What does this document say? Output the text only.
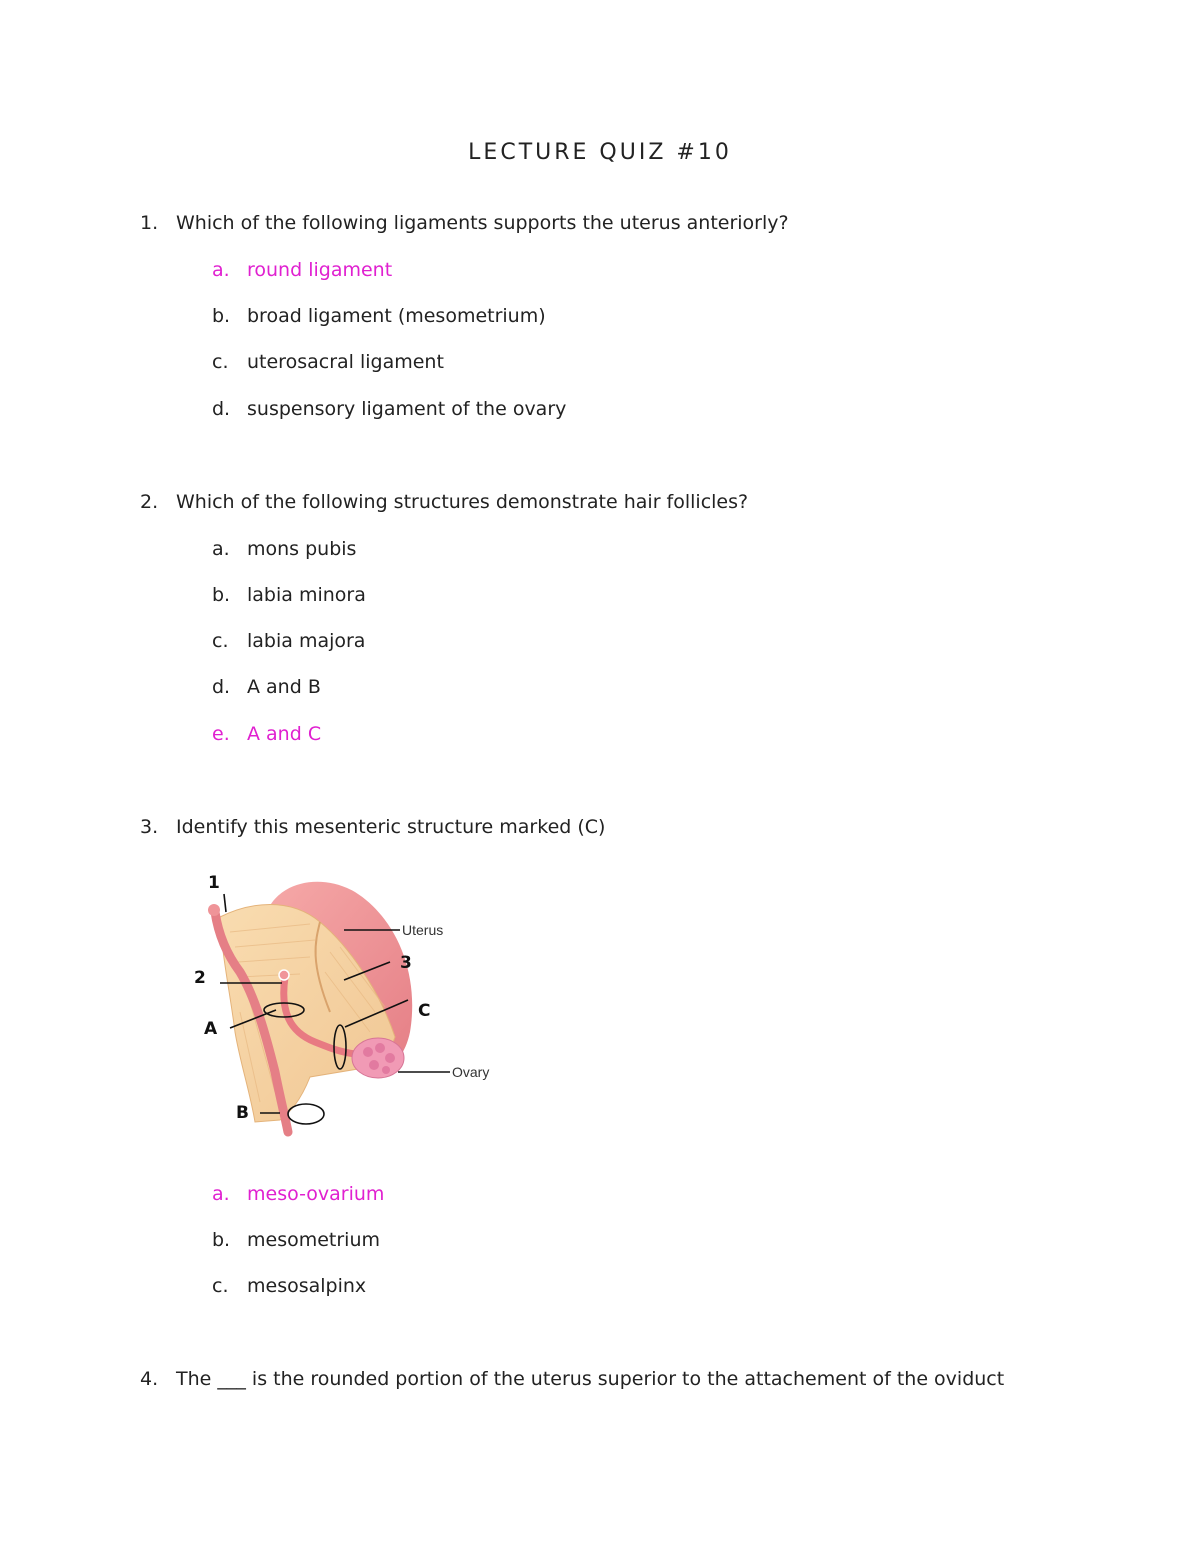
LECTURE QUIZ #10
1. Which of the following ligaments supports the uterus anteriorly?
a. round ligament
b. broad ligament (mesometrium)
c. uterosacral ligament
d. suspensory ligament of the ovary
2. Which of the following structures demonstrate hair follicles?
a. mons pubis
b. labia minora
c. labia majora
d. A and B
e. A and C
3. Identify this mesenteric structure marked (C)
1
2
3
A
B
C
Uterus
Ovary
a. meso-ovarium
b. mesometrium
c. mesosalpinx
4. The ___ is the rounded portion of the uterus superior to the attachement of the oviduct
